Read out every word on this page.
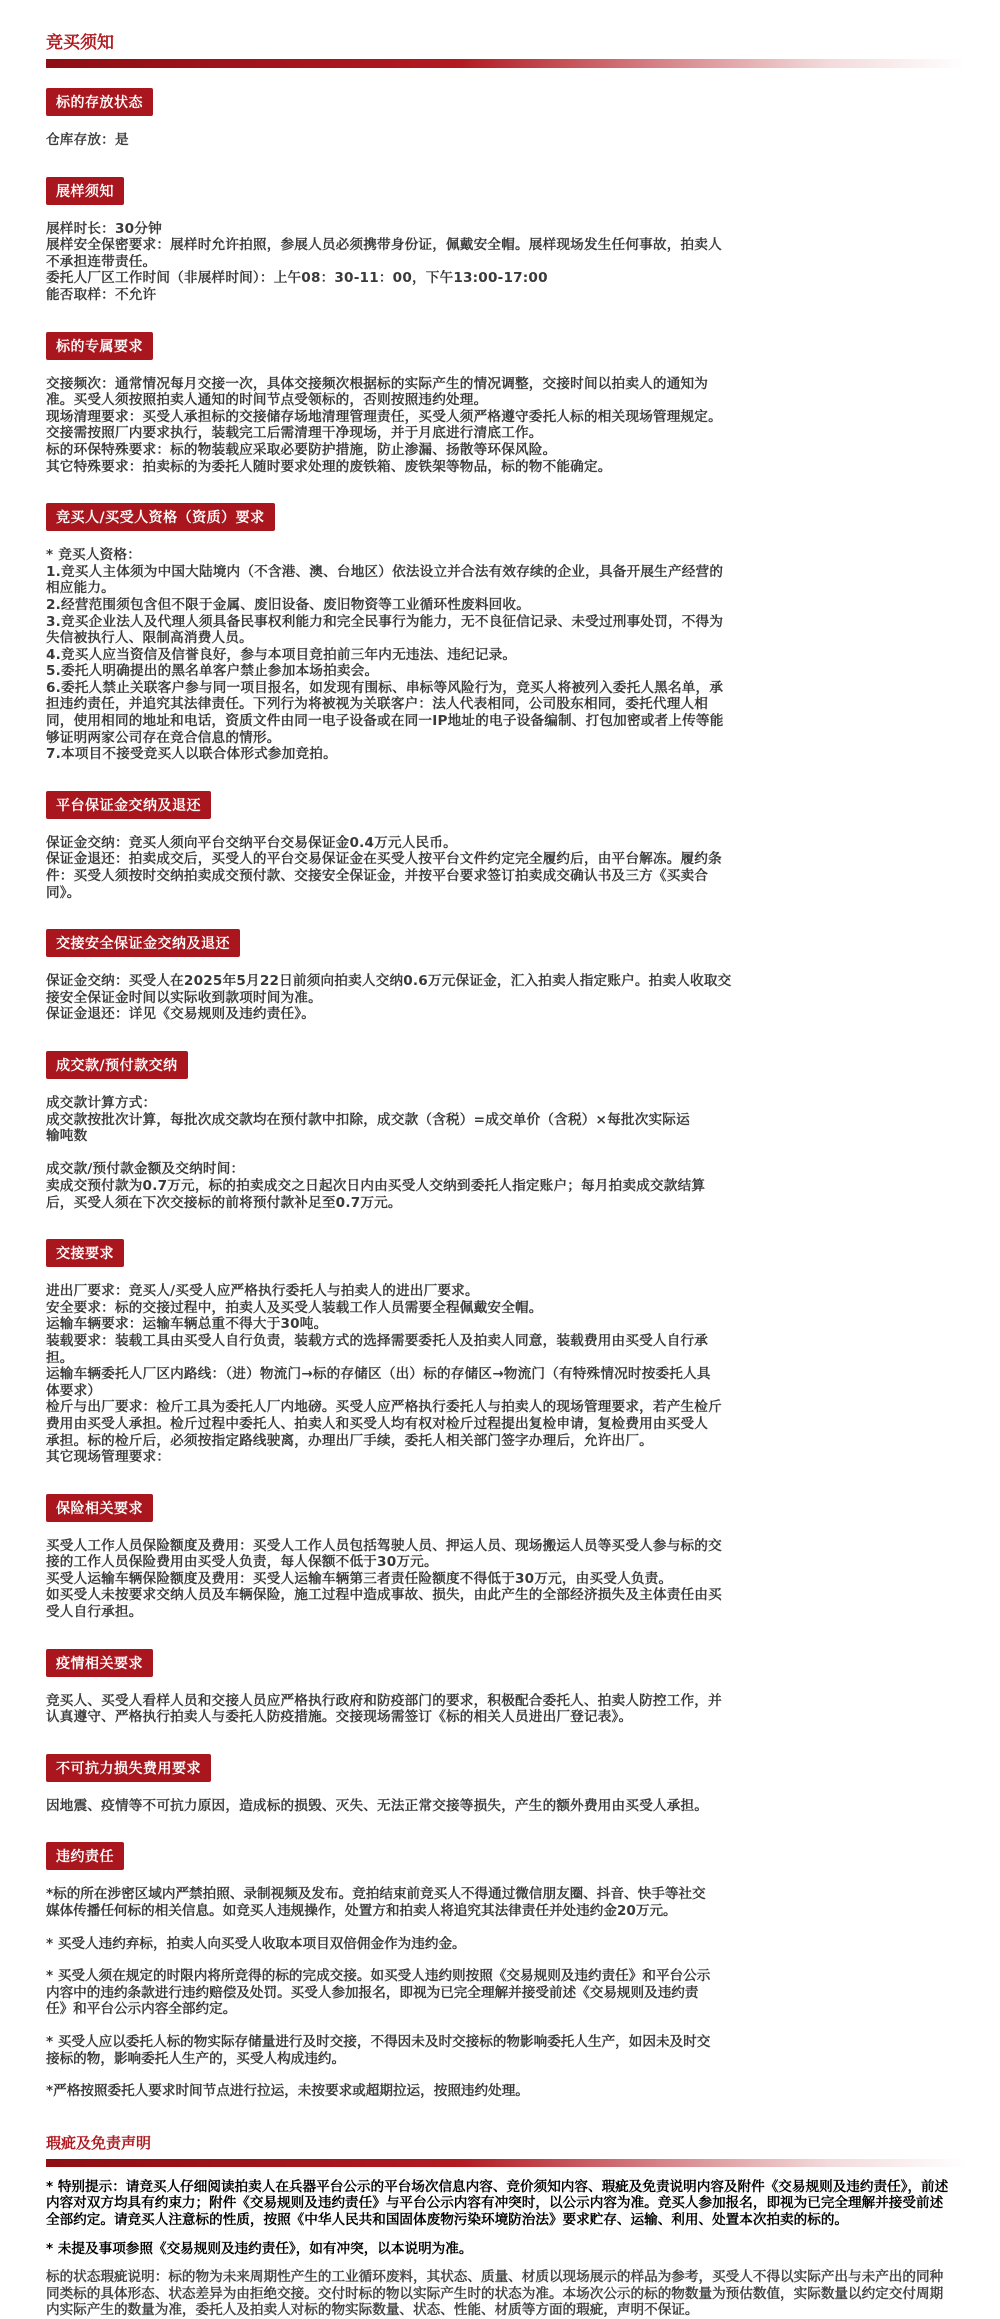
竞买须知
标的存放状态
仓库存放：是
展样须知
展样时长：30分钟
展样安全保密要求：展样时允许拍照，参展人员必须携带身份证，佩戴安全帽。展样现场发生任何事故，拍卖人
不承担连带责任。
委托人厂区工作时间（非展样时间）：上午08：30-11：00，下午13:00-17:00
能否取样：不允许
标的专属要求
交接频次：通常情况每月交接一次，具体交接频次根据标的实际产生的情况调整，交接时间以拍卖人的通知为
准。买受人须按照拍卖人通知的时间节点受领标的，否则按照违约处理。
现场清理要求：买受人承担标的交接储存场地清理管理责任，买受人须严格遵守委托人标的相关现场管理规定。
交接需按照厂内要求执行，装载完工后需清理干净现场，并于月底进行清底工作。
标的环保特殊要求：标的物装载应采取必要防护措施，防止渗漏、扬散等环保风险。
其它特殊要求：拍卖标的为委托人随时要求处理的废铁箱、废铁架等物品，标的物不能确定。
竞买人/买受人资格（资质）要求
* 竞买人资格：
1.竞买人主体须为中国大陆境内（不含港、澳、台地区）依法设立并合法有效存续的企业，具备开展生产经营的
相应能力。
2.经营范围须包含但不限于金属、废旧设备、废旧物资等工业循环性废料回收。
3.竞买企业法人及代理人须具备民事权利能力和完全民事行为能力，无不良征信记录、未受过刑事处罚，不得为
失信被执行人、限制高消费人员。
4.竞买人应当资信及信誉良好，参与本项目竞拍前三年内无违法、违纪记录。
5.委托人明确提出的黑名单客户禁止参加本场拍卖会。
6.委托人禁止关联客户参与同一项目报名，如发现有围标、串标等风险行为，竞买人将被列入委托人黑名单，承
担违约责任，并追究其法律责任。下列行为将被视为关联客户：法人代表相同，公司股东相同，委托代理人相
同，使用相同的地址和电话，资质文件由同一电子设备或在同一IP地址的电子设备编制、打包加密或者上传等能
够证明两家公司存在竞合信息的情形。
7.本项目不接受竞买人以联合体形式参加竞拍。
平台保证金交纳及退还
保证金交纳：竞买人须向平台交纳平台交易保证金0.4万元人民币。
保证金退还：拍卖成交后，买受人的平台交易保证金在买受人按平台文件约定完全履约后，由平台解冻。履约条
件：买受人须按时交纳拍卖成交预付款、交接安全保证金，并按平台要求签订拍卖成交确认书及三方《买卖合
同》。
交接安全保证金交纳及退还
保证金交纳：买受人在2025年5月22日前须向拍卖人交纳0.6万元保证金，汇入拍卖人指定账户。拍卖人收取交
接安全保证金时间以实际收到款项时间为准。
保证金退还：详见《交易规则及违约责任》。
成交款/预付款交纳
成交款计算方式：
成交款按批次计算，每批次成交款均在预付款中扣除，成交款（含税）=成交单价（含税）×每批次实际运
输吨数
成交款/预付款金额及交纳时间：
卖成交预付款为0.7万元，标的拍卖成交之日起次日内由买受人交纳到委托人指定账户；每月拍卖成交款结算
后，买受人须在下次交接标的前将预付款补足至0.7万元。
交接要求
进出厂要求：竞买人/买受人应严格执行委托人与拍卖人的进出厂要求。
安全要求：标的交接过程中，拍卖人及买受人装载工作人员需要全程佩戴安全帽。
运输车辆要求：运输车辆总重不得大于30吨。
装载要求：装载工具由买受人自行负责，装载方式的选择需要委托人及拍卖人同意，装载费用由买受人自行承
担。
运输车辆委托人厂区内路线：（进）物流门→标的存储区（出）标的存储区→物流门（有特殊情况时按委托人具
体要求）
检斤与出厂要求：检斤工具为委托人厂内地磅。买受人应严格执行委托人与拍卖人的现场管理要求，若产生检斤
费用由买受人承担。检斤过程中委托人、拍卖人和买受人均有权对检斤过程提出复检申请，复检费用由买受人
承担。标的检斤后，必须按指定路线驶离，办理出厂手续，委托人相关部门签字办理后，允许出厂。
其它现场管理要求：
保险相关要求
买受人工作人员保险额度及费用：买受人工作人员包括驾驶人员、押运人员、现场搬运人员等买受人参与标的交
接的工作人员保险费用由买受人负责，每人保额不低于30万元。
买受人运输车辆保险额度及费用：买受人运输车辆第三者责任险额度不得低于30万元，由买受人负责。
如买受人未按要求交纳人员及车辆保险，施工过程中造成事故、损失，由此产生的全部经济损失及主体责任由买
受人自行承担。
疫情相关要求
竞买人、买受人看样人员和交接人员应严格执行政府和防疫部门的要求，积极配合委托人、拍卖人防控工作，并
认真遵守、严格执行拍卖人与委托人防疫措施。交接现场需签订《标的相关人员进出厂登记表》。
不可抗力损失费用要求
因地震、疫情等不可抗力原因，造成标的损毁、灭失、无法正常交接等损失，产生的额外费用由买受人承担。
违约责任
*标的所在涉密区域内严禁拍照、录制视频及发布。竞拍结束前竞买人不得通过微信朋友圈、抖音、快手等社交
媒体传播任何标的相关信息。如竞买人违规操作，处置方和拍卖人将追究其法律责任并处违约金20万元。
* 买受人违约弃标，拍卖人向买受人收取本项目双倍佣金作为违约金。
* 买受人须在规定的时限内将所竞得的标的完成交接。如买受人违约则按照《交易规则及违约责任》和平台公示
内容中的违约条款进行违约赔偿及处罚。买受人参加报名，即视为已完全理解并接受前述《交易规则及违约责
任》和平台公示内容全部约定。
* 买受人应以委托人标的物实际存储量进行及时交接，不得因未及时交接标的物影响委托人生产，如因未及时交
接标的物，影响委托人生产的，买受人构成违约。
*严格按照委托人要求时间节点进行拉运，未按要求或超期拉运，按照违约处理。
瑕疵及免责声明
* 特别提示：请竞买人仔细阅读拍卖人在兵器平台公示的平台场次信息内容、竞价须知内容、瑕疵及免责说明内容及附件《交易规则及违约责任》，前述内容对双方均具有约束力；附件《交易规则及违约责任》与平台公示内容有冲突时，以公示内容为准。竞买人参加报名，即视为已完全理解并接受前述全部约定。请竞买人注意标的性质，按照《中华人民共和国固体废物污染环境防治法》要求贮存、运输、利用、处置本次拍卖的标的。
* 未提及事项参照《交易规则及违约责任》，如有冲突，以本说明为准。
标的状态瑕疵说明：标的物为未来周期性产生的工业循环废料，其状态、质量、材质以现场展示的样品为参考，买受人不得以实际产出与未产出的同种同类标的具体形态、状态差异为由拒绝交接。交付时标的物以实际产生时的状态为准。本场次公示的标的物数量为预估数值，实际数量以约定交付周期内实际产生的数量为准，委托人及拍卖人对标的物实际数量、状态、性能、材质等方面的瑕疵，声明不保证。
